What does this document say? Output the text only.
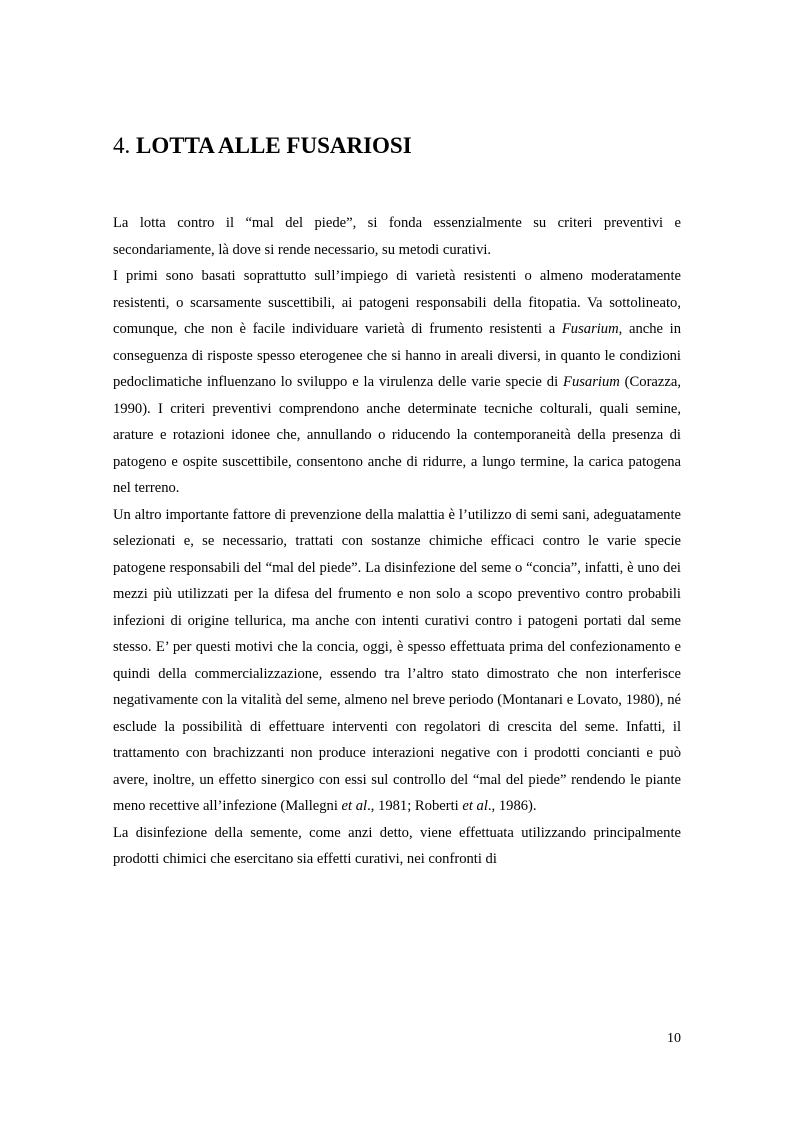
4. LOTTA ALLE FUSARIOSI

La lotta contro il “mal del piede”, si fonda essenzialmente su criteri preventivi e secondariamente, là dove si rende necessario, su metodi curativi.

I primi sono basati soprattutto sull’impiego di varietà resistenti o almeno moderatamente resistenti, o scarsamente suscettibili, ai patogeni responsabili della fitopatia. Va sottolineato, comunque, che non è facile individuare varietà di frumento resistenti a Fusarium, anche in conseguenza di risposte spesso eterogenee che si hanno in areali diversi, in quanto le condizioni pedoclimatiche influenzano lo sviluppo e la virulenza delle varie specie di Fusarium (Corazza, 1990). I criteri preventivi comprendono anche determinate tecniche colturali, quali semine, arature e rotazioni idonee che, annullando o riducendo la contemporaneità della presenza di patogeno e ospite suscettibile, consentono anche di ridurre, a lungo termine, la carica patogena nel terreno.

Un altro importante fattore di prevenzione della malattia è l’utilizzo di semi sani, adeguatamente selezionati e, se necessario, trattati con sostanze chimiche efficaci contro le varie specie patogene responsabili del “mal del piede”. La disinfezione del seme o “concia”, infatti, è uno dei mezzi più utilizzati per la difesa del frumento e non solo a scopo preventivo contro probabili infezioni di origine tellurica, ma anche con intenti curativi contro i patogeni portati dal seme stesso. E’ per questi motivi che la concia, oggi, è spesso effettuata prima del confezionamento e quindi della commercializzazione, essendo tra l’altro stato dimostrato che non interferisce negativamente con la vitalità del seme, almeno nel breve periodo (Montanari e Lovato, 1980), né esclude la possibilità di effettuare interventi con regolatori di crescita del seme. Infatti, il trattamento con brachizzanti non produce interazioni negative con i prodotti concianti e può avere, inoltre, un effetto sinergico con essi sul controllo del “mal del piede” rendendo le piante meno recettive all’infezione (Mallegni et al., 1981; Roberti et al., 1986).

La disinfezione della semente, come anzi detto, viene effettuata utilizzando principalmente prodotti chimici che esercitano sia effetti curativi, nei confronti di

10
